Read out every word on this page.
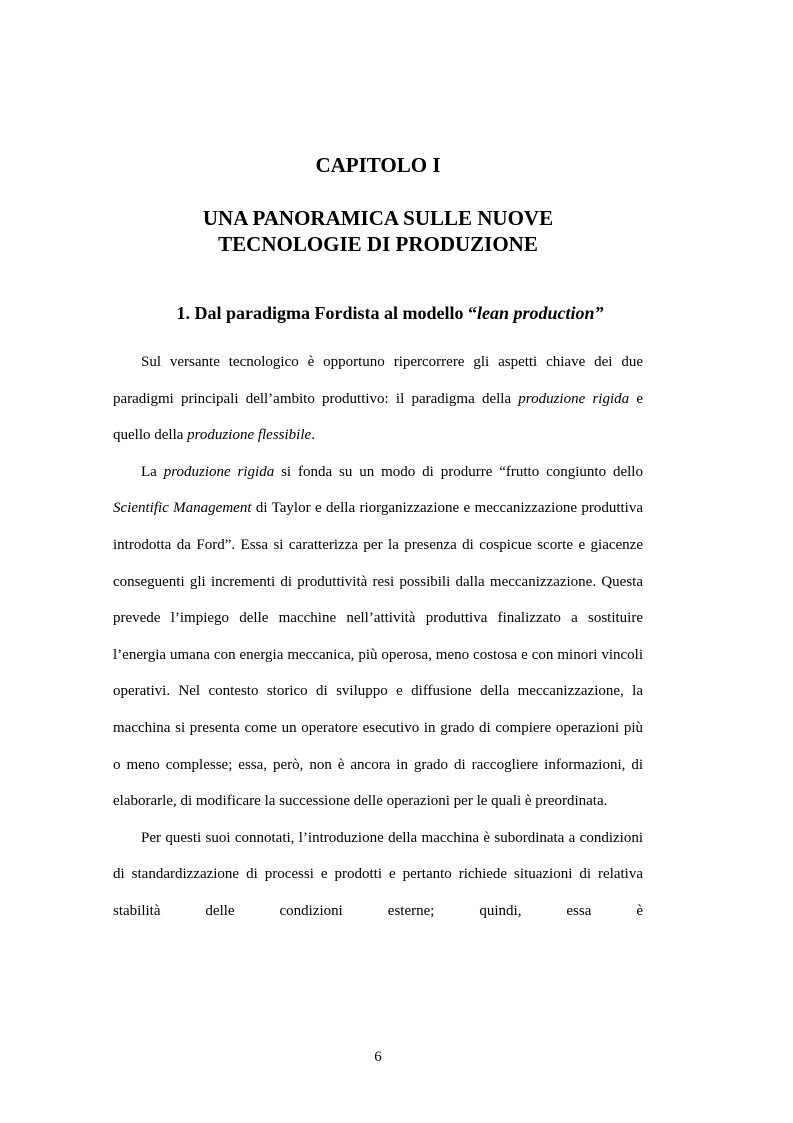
CAPITOLO I
UNA PANORAMICA SULLE NUOVE
TECNOLOGIE DI PRODUZIONE
1. Dal paradigma Fordista al modello “lean production”

Sul versante tecnologico è opportuno ripercorrere gli aspetti chiave dei due paradigmi principali dell’ambito produttivo: il paradigma della produzione rigida e quello della produzione flessibile.

La produzione rigida si fonda su un modo di produrre “frutto congiunto dello Scientific Management di Taylor e della riorganizzazione e meccanizzazione produttiva introdotta da Ford”. Essa si caratterizza per la presenza di cospicue scorte e giacenze conseguenti gli incrementi di produttività resi possibili dalla meccanizzazione. Questa prevede l’impiego delle macchine nell’attività produttiva finalizzato a sostituire l’energia umana con energia meccanica, più operosa, meno costosa e con minori vincoli operativi. Nel contesto storico di sviluppo e diffusione della meccanizzazione, la macchina si presenta come un operatore esecutivo in grado di compiere operazioni più o meno complesse; essa, però, non è ancora in grado di raccogliere informazioni, di elaborarle, di modificare la successione delle operazioni per le quali è preordinata.

Per questi suoi connotati, l’introduzione della macchina è subordinata a condizioni di standardizzazione di processi e prodotti e pertanto richiede situazioni di relativa stabilità delle condizioni esterne; quindi, essa è

6
